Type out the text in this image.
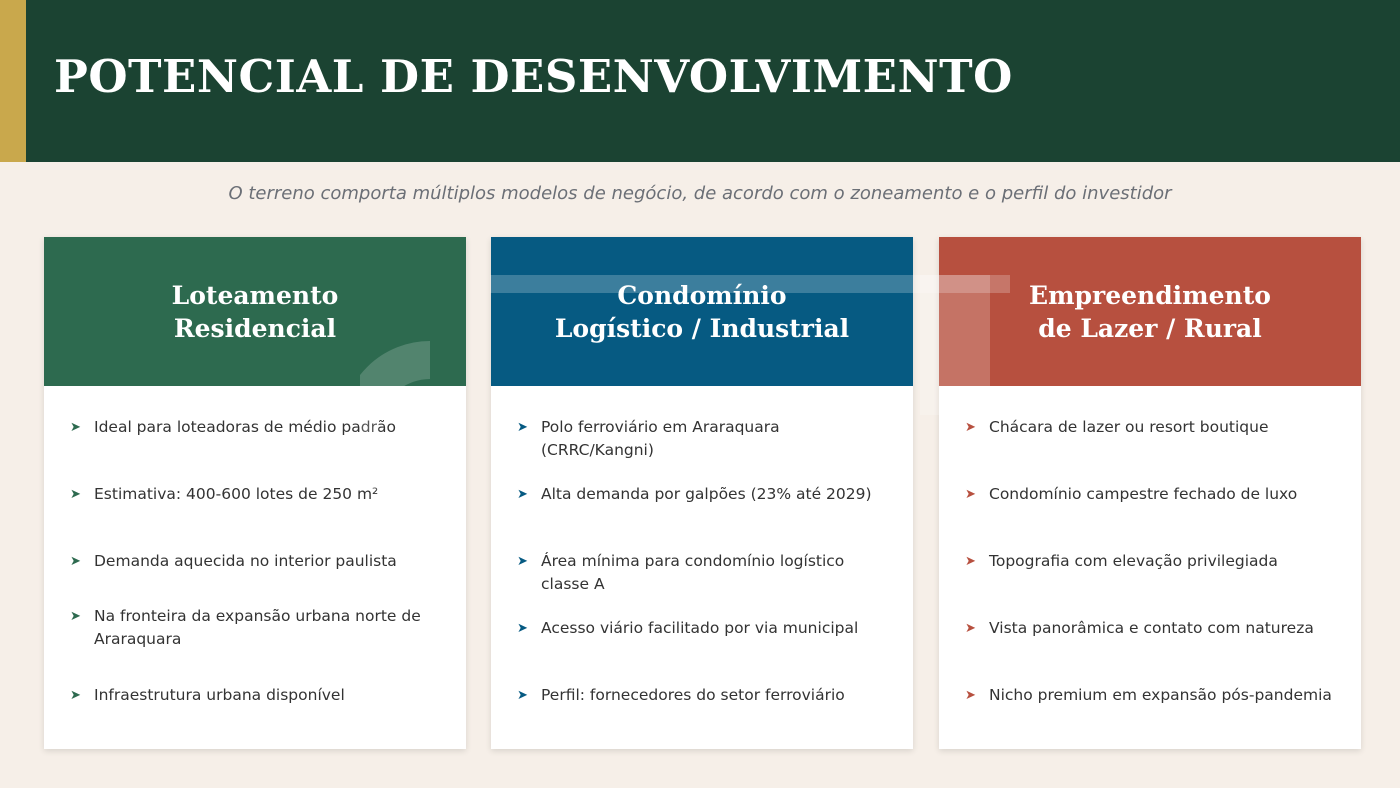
POTENCIAL DE DESENVOLVIMENTO

O terreno comporta múltiplos modelos de negócio, de acordo com o zoneamento e o perfil do investidor

Loteamento
Residencial
➤ Ideal para loteadoras de médio padrão
➤ Estimativa: 400-600 lotes de 250 m²
➤ Demanda aquecida no interior paulista
➤ Na fronteira da expansão urbana norte de Araraquara
➤ Infraestrutura urbana disponível
Condomínio
Logístico / Industrial
➤ Polo ferroviário em Araraquara (CRRC/Kangni)
➤ Alta demanda por galpões (23% até 2029)
➤ Área mínima para condomínio logístico classe A
➤ Acesso viário facilitado por via municipal
➤ Perfil: fornecedores do setor ferroviário
Empreendimento
de Lazer / Rural
➤ Chácara de lazer ou resort boutique
➤ Condomínio campestre fechado de luxo
➤ Topografia com elevação privilegiada
➤ Vista panorâmica e contato com natureza
➤ Nicho premium em expansão pós-pandemia
